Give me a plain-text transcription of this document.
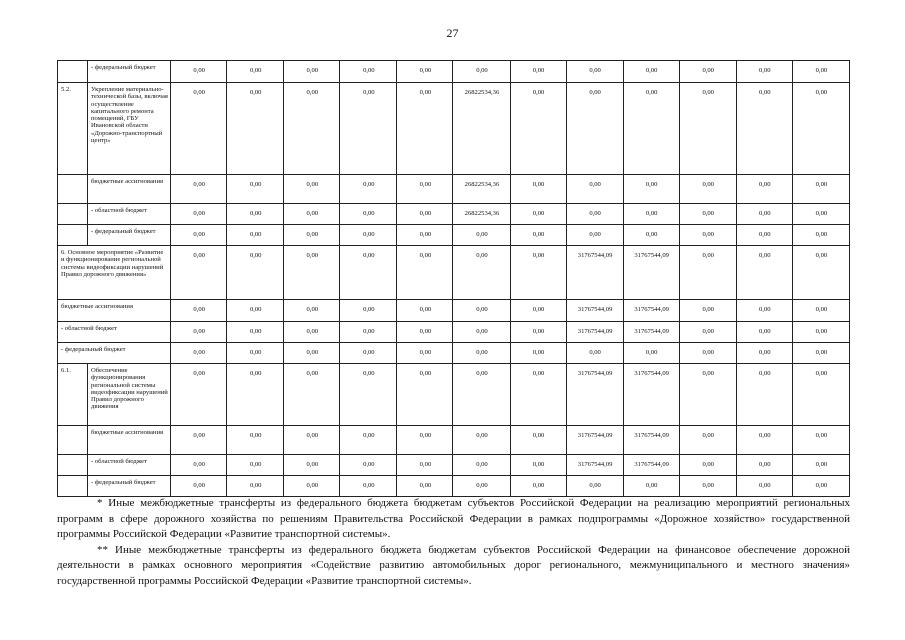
27
	- федеральный бюджет	0,00	0,00	0,00	0,00	0,00	0,00	0,00	0,00	0,00	0,00	0,00	0,00
5.2.	Укрепление материально-технической базы, включая осуществление капитального ремонта помещений, ГБУ Ивановской области «Дорожно-транспортный центр»	0,00	0,00	0,00	0,00	0,00	26822534,36	0,00	0,00	0,00	0,00	0,00	0,00
	бюджетные ассигнования	0,00	0,00	0,00	0,00	0,00	26822534,36	0,00	0,00	0,00	0,00	0,00	0,00
	- областной бюджет	0,00	0,00	0,00	0,00	0,00	26822534,36	0,00	0,00	0,00	0,00	0,00	0,00
	- федеральный бюджет	0,00	0,00	0,00	0,00	0,00	0,00	0,00	0,00	0,00	0,00	0,00	0,00
6. Основное мероприятие «Развитие и функционирование региональной системы видеофиксации нарушений Правил дорожного движения»		0,00	0,00	0,00	0,00	0,00	0,00	0,00	31767544,09	31767544,09	0,00	0,00	0,00
бюджетные ассигнования		0,00	0,00	0,00	0,00	0,00	0,00	0,00	31767544,09	31767544,09	0,00	0,00	0,00
- областной бюджет		0,00	0,00	0,00	0,00	0,00	0,00	0,00	31767544,09	31767544,09	0,00	0,00	0,00
- федеральный бюджет		0,00	0,00	0,00	0,00	0,00	0,00	0,00	0,00	0,00	0,00	0,00	0,00
6.1.	Обеспечение функционирования региональной системы видеофиксации нарушений Правил дорожного движения	0,00	0,00	0,00	0,00	0,00	0,00	0,00	31767544,09	31767544,09	0,00	0,00	0,00
	бюджетные ассигнования	0,00	0,00	0,00	0,00	0,00	0,00	0,00	31767544,09	31767544,09	0,00	0,00	0,00
	- областной бюджет	0,00	0,00	0,00	0,00	0,00	0,00	0,00	31767544,09	31767544,09	0,00	0,00	0,00
	- федеральный бюджет	0,00	0,00	0,00	0,00	0,00	0,00	0,00	0,00	0,00	0,00	0,00	0,00

* Иные межбюджетные трансферты из федерального бюджета бюджетам субъектов Российской Федерации на реализацию мероприятий региональных программ в сфере дорожного хозяйства по решениям Правительства Российской Федерации в рамках подпрограммы «Дорожное хозяйство» государственной программы Российской Федерации «Развитие транспортной системы».

** Иные межбюджетные трансферты из федерального бюджета бюджетам субъектов Российской Федерации на финансовое обеспечение дорожной деятельности в рамках основного мероприятия «Содействие развитию автомобильных дорог регионального, межмуниципального и местного значения» государственной программы Российской Федерации «Развитие транспортной системы».
